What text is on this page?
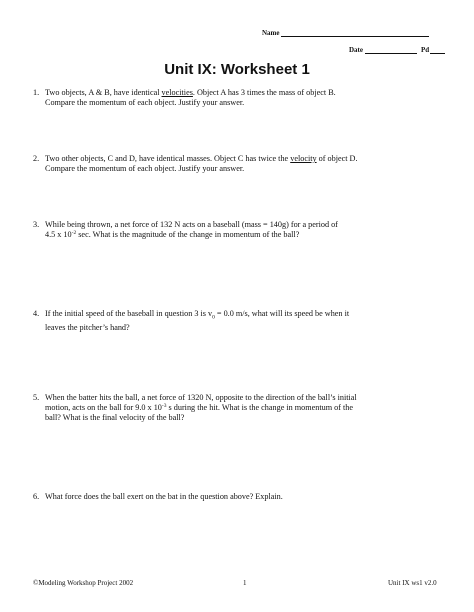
Name
Date	Pd
Unit IX: Worksheet 1
1. Two objects, A & B, have identical velocities. Object A has 3 times the mass of object B.
Compare the momentum of each object. Justify your answer.
2. Two other objects, C and D, have identical masses. Object C has twice the velocity of object D.
Compare the momentum of each object. Justify your answer.
3. While being thrown, a net force of 132 N acts on a baseball (mass = 140g) for a period of
4.5 x $10^{-2}$ sec. What is the magnitude of the change in momentum of the ball?
4. If the initial speed of the baseball in question 3 is $v_0 = 0.0$ m/s, what will its speed be when it
leaves the pitcher’s hand?
5. When the batter hits the ball, a net force of 1320 N, opposite to the direction of the ball’s initial
motion, acts on the ball for 9.0 x $10^{-3}$ s during the hit. What is the change in momentum of the
ball? What is the final velocity of the ball?
6. What force does the ball exert on the bat in the question above? Explain.
©Modeling Workshop Project 2002	1	Unit IX ws1 v2.0
